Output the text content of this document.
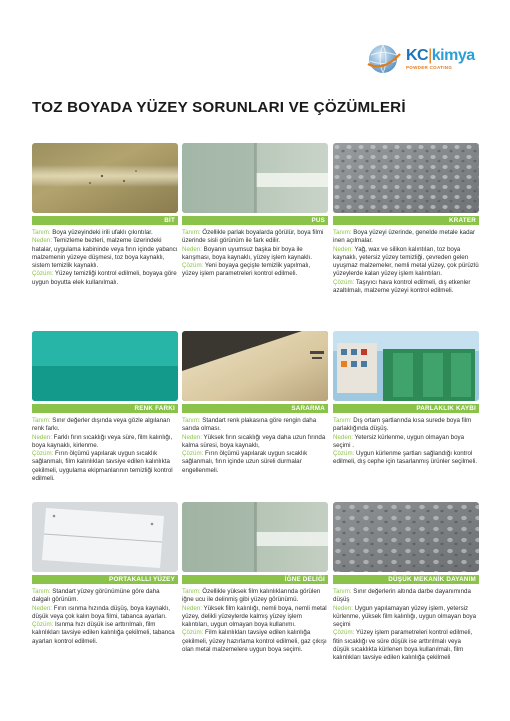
KC|kimya
POWDER COATING
TOZ BOYADA YÜZEY SORUNLARI VE ÇÖZÜMLERİ
BİT

Tanım: Boya yüzeyindeki irili ufaklı çıkıntılar.

Neden: Temizleme bezleri, malzeme üzerindeki hatalar, uygulama kabininde veya fırın içinde yabancı malzemenin yüzeye düşmesi, toz boya kaynaklı, sistem temizlik kaynaklı.

Çözüm: Yüzey temizliği kontrol edilmeli, boyaya göre uygun boyutta elek kullanılmalı.

PUS

Tanım: Özellikle parlak boyalarda görülür, boya filmi üzerinde sisli görünüm ile fark edilir.

Neden: Boyanın uyumsuz başka bir boya ile karışması, boya kaynaklı, yüzey işlem kaynaklı.

Çözüm: Yeni boyaya geçişte temizlik yapılmalı, yüzey işlem parametreleri kontrol edilmeli.

KRATER

Tanım: Boya yüzeyi üzerinde, genelde metale kadar inen açılmalar.

Neden: Yağ, wax ve silikon kalıntıları, toz boya kaynaklı, yetersiz yüzey temizliği, çevreden gelen uyuşmaz malzemeler, nemli metal yüzey, çok pürüzlü yüzeylerde kalan yüzey işlem kalıntıları.

Çözüm: Taşıyıcı hava kontrol edilmeli, dış etkenler azaltılmalı, malzeme yüzeyi kontrol edilmeli.

RENK FARKI

Tanım: Sınır değerler dışında veya gözle algılanan renk farkı.

Neden: Farklı fırın sıcaklığı veya süre, film kalınlığı, boya kaynaklı, kirlenme.

Çözüm: Fırın ölçümü yapılarak uygun sıcaklık sağlanmalı, film kalınlıkları tavsiye edilen kalınlıkta çekilmeli, uygulama ekipmanlarının temizliği kontrol edilmeli.

SARARMA

Tanım: Standart renk plakasına göre rengin daha sarıda olması.

Neden: Yüksek fırın sıcaklığı veya daha uzun fırında kalma süresi, boya kaynaklı,

Çözüm: Fırın ölçümü yapılarak uygun sıcaklık sağlanmalı, fırın içinde uzun süreli durmalar engellenmeli.

PARLAKLIK KAYBI

Tanım: Dış ortam şartlarında kısa surede boya film parlaklığında düşüş.

Neden: Yetersiz kürlenme, uygun olmayan boya seçimi .

Çözüm: Uygun kürlenme şartları sağlandığı kontrol edilmeli, dış cephe için tasarlanmış ürünler seçilmeli.

PORTAKALLI YÜZEY

Tanım: Standart yüzey görünümüne göre daha dalgalı görünüm.

Neden: Fırın ısınma hızında düşüş, boya kaynaklı, düşük veya çok kalın boya filmi, tabanca ayarları.

Çözüm: Isınma hızı düşük ise arttırılmalı, film kalınlıkları tavsiye edilen kalınlığa çekilmeli, tabanca ayarları kontrol edilmeli.

İĞNE DELİĞİ

Tanım: Özellikle yüksek film kalınlıklarında görülen iğne ucu ile delinmiş gibi yüzey görünümü.

Neden: Yüksek film kalınlığı, nemli boya, nemli metal yüzey, delikli yüzeylerde kalmış yüzey işlem kalıntıları, uygun olmayan boya kullanımı.

Çözüm: Film kalınlıkları tavsiye edilen kalınlığa çekilmeli, yüzey hazırlama kontrol edilmeli, gaz çıkışı olan metal malzemelere uygun boya seçimi.

DÜŞÜK MEKANİK DAYANIM

Tanım: Sınır değerlerin altında darbe dayanımında düşüş

Neden: Uygun yapılamayan yüzey işlem, yetersiz kürlenme, yüksek film kalınlığı, uygun olmayan boya seçimi

Çözüm: Yüzey işlem parametreleri kontrol edilmeli, fitin sıcaklığı ve süre düşük ise arttırılmalı veya düşük sıcaklıkta kürlenen boya kullanılmalı, film kalınlıkları tavsiye edilen kalınlığa çekilmeli
